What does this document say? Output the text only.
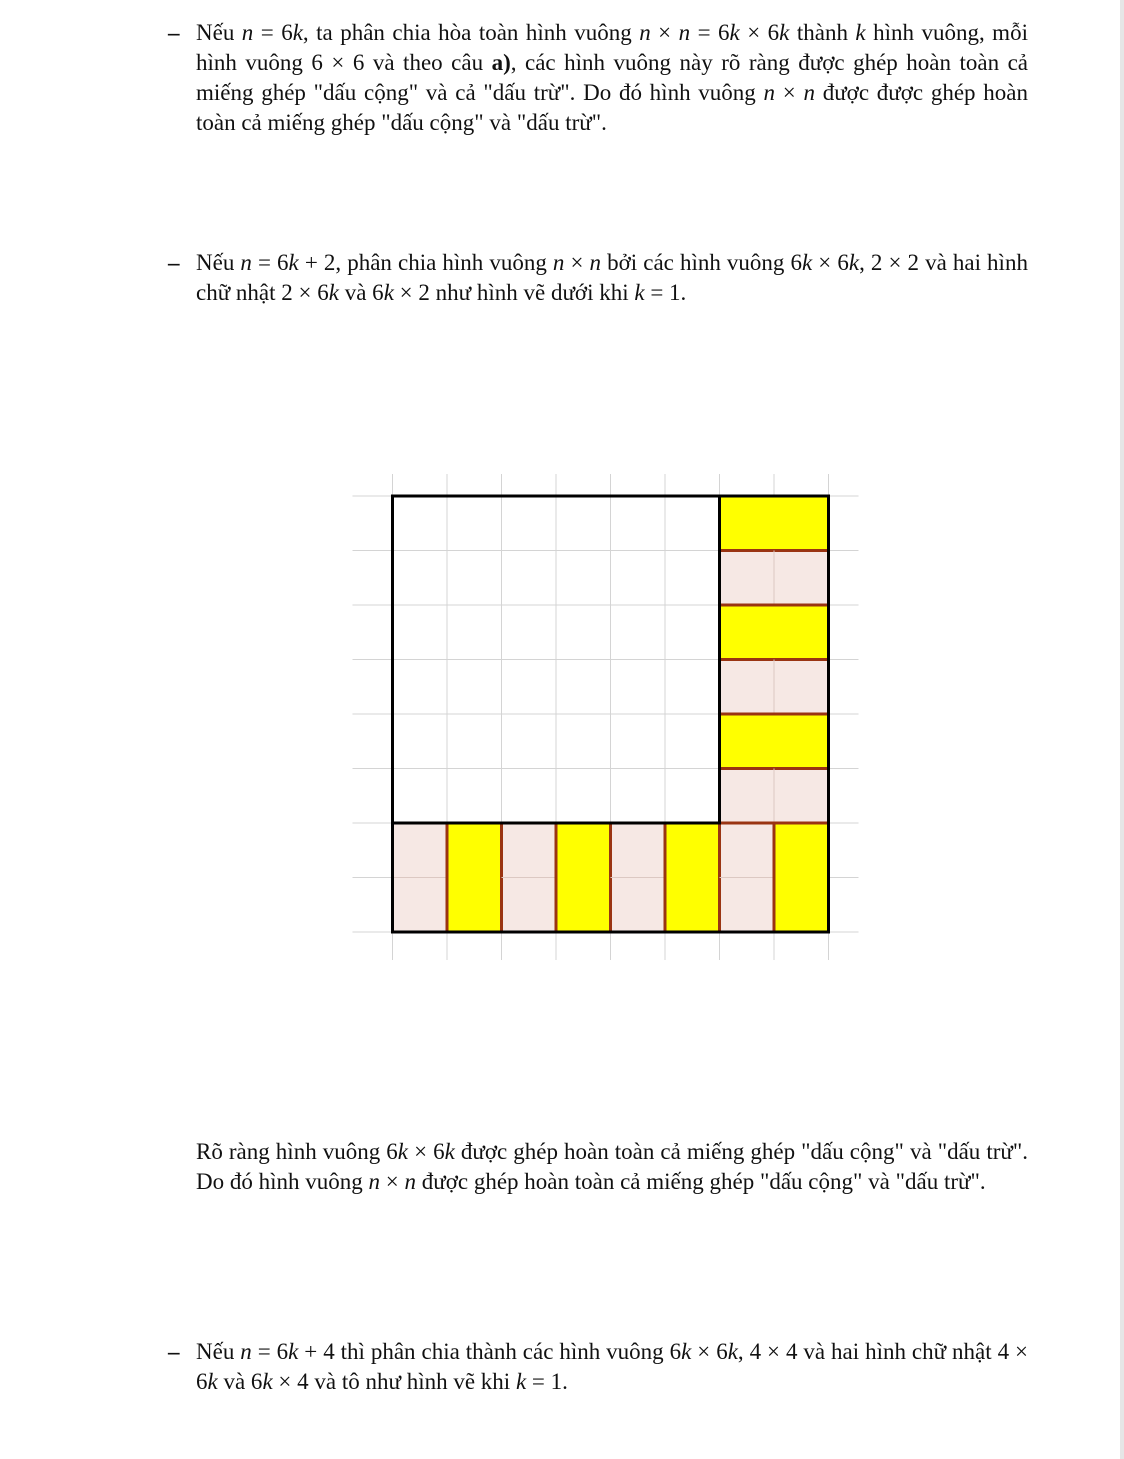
– Nếu n = 6k, ta phân chia hòa toàn hình vuông n × n = 6k × 6k thành k hình vuông, mỗi hình vuông 6 × 6 và theo câu a), các hình vuông này rõ ràng được ghép hoàn toàn cả miếng ghép "dấu cộng" và cả "dấu trừ". Do đó hình vuông n × n được được ghép hoàn toàn cả miếng ghép "dấu cộng" và "dấu trừ".

– Nếu n = 6k + 2, phân chia hình vuông n × n bởi các hình vuông 6k × 6k, 2 × 2 và hai hình chữ nhật 2 × 6k và 6k × 2 như hình vẽ dưới khi k = 1.

Rõ ràng hình vuông 6k × 6k được ghép hoàn toàn cả miếng ghép "dấu cộng" và "dấu trừ". Do đó hình vuông n × n được ghép hoàn toàn cả miếng ghép "dấu cộng" và "dấu trừ".

– Nếu n = 6k + 4 thì phân chia thành các hình vuông 6k × 6k, 4 × 4 và hai hình chữ nhật 4 × 6k và 6k × 4 và tô như hình vẽ khi k = 1.
